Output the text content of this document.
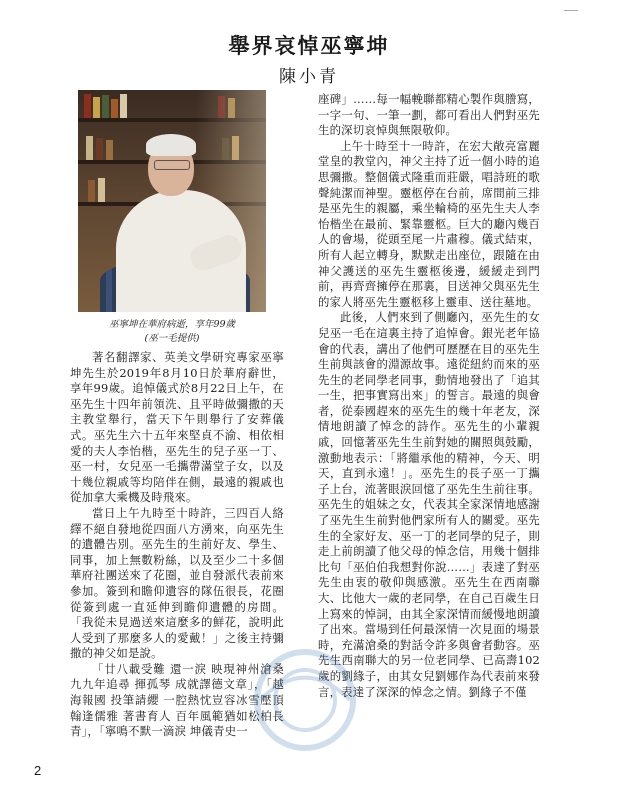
舉界哀悼巫寧坤
陳小青
巫寧坤在華府病逝，享年99歲
(巫一毛提供)

著名翻譯家、英美文學研究專家巫寧坤先生於2019年8月10日於華府辭世，享年99歲。追悼儀式於8月22日上午，在巫先生十四年前領洗、且平時做彌撒的天主教堂舉行，當天下午則舉行了安葬儀式。巫先生六十五年來堅貞不渝、相依相愛的夫人李怡楷，巫先生的兒子巫一丁、巫一村，女兒巫一毛攜帶滿堂子女，以及十幾位親戚等均陪伴在側，最遠的親戚也從加拿大乘機及時飛來。

當日上午九時至十時許，三四百人絡繹不絕自發地從四面八方湧來，向巫先生的遺體告別。巫先生的生前好友、學生、同事，加上無數粉絲，以及至少二十多個華府社團送來了花圈，並自發派代表前來參加。簽到和瞻仰遺容的隊伍很長，花圈從簽到處一直延伸到瞻仰遺體的房間。「我從未見過送來這麼多的鮮花，說明此人受到了那麼多人的愛戴！」之後主持彌撒的神父如是說。

「廿八載受難 還一淚 映現神州滄桑 九九年追尋 揮孤琴 成就譯德文章」，「越海報國 投筆請纓 一腔熱忱豈容冰雪壓頂 翰逢儒雅 著書育人 百年風範猶如松柏長青」，「寧鳴不默一滴淚 坤儀青史一

座碑」……每一幅輓聯都精心製作與謄寫，一字一句、一筆一劃，都可看出人們對巫先生的深切哀悼與無限敬仰。

上午十時至十一時許，在宏大敞亮富麗堂皇的教堂內，神父主持了近一個小時的追思彌撒。整個儀式隆重而莊嚴，唱詩班的歌聲純潔而神聖。靈柩停在台前，席間前三排是巫先生的親屬，乘坐輪椅的巫先生夫人李怡楷坐在最前、緊靠靈柩。巨大的廳內幾百人的會場，從頭至尾一片肅穆。儀式結束，所有人起立轉身，默默走出座位，跟隨在由神父護送的巫先生靈柩後邊，緩緩走到門前，再齊齊擁停在那裏，目送神父與巫先生的家人將巫先生靈柩移上靈車、送往墓地。

此後，人們來到了側廳內，巫先生的女兒巫一毛在這裏主持了追悼會。銀光老年協會的代表，講出了他們可歷歷在目的巫先生生前與該會的淵源故事。遠從紐約而來的巫先生的老同學老同事，動情地發出了「追其一生，把事實寫出來」的誓言。最遠的與會者，從泰國趕來的巫先生的幾十年老友，深情地朗讀了悼念的詩作。巫先生的小輩親戚，回憶著巫先生生前對她的關照與鼓勵，激動地表示：「將繼承他的精神，今天、明天，直到永遠！」。巫先生的長子巫一丁攜子上台，流著眼淚回憶了巫先生生前往事。巫先生的姐妹之女，代表其全家深情地感謝了巫先生生前對他們家所有人的關愛。巫先生的全家好友、巫一丁的老同學的兒子，則走上前朗讀了他父母的悼念信，用幾十個排比句「巫伯伯我想對你說……」表達了對巫先生由衷的敬仰與感激。巫先生在西南聯大、比他大一歲的老同學，在自己百歲生日上寫來的悼詞，由其全家深情而緩慢地朗讀了出來。當場到任何最深情一次見面的場景時，充滿滄桑的對話令許多與會者動容。巫先生西南聯大的另一位老同學、已高壽102歲的劉緣子，由其女兒劉娜作為代表前來發言，表達了深深的悼念之情。劉緣子不僅

2
